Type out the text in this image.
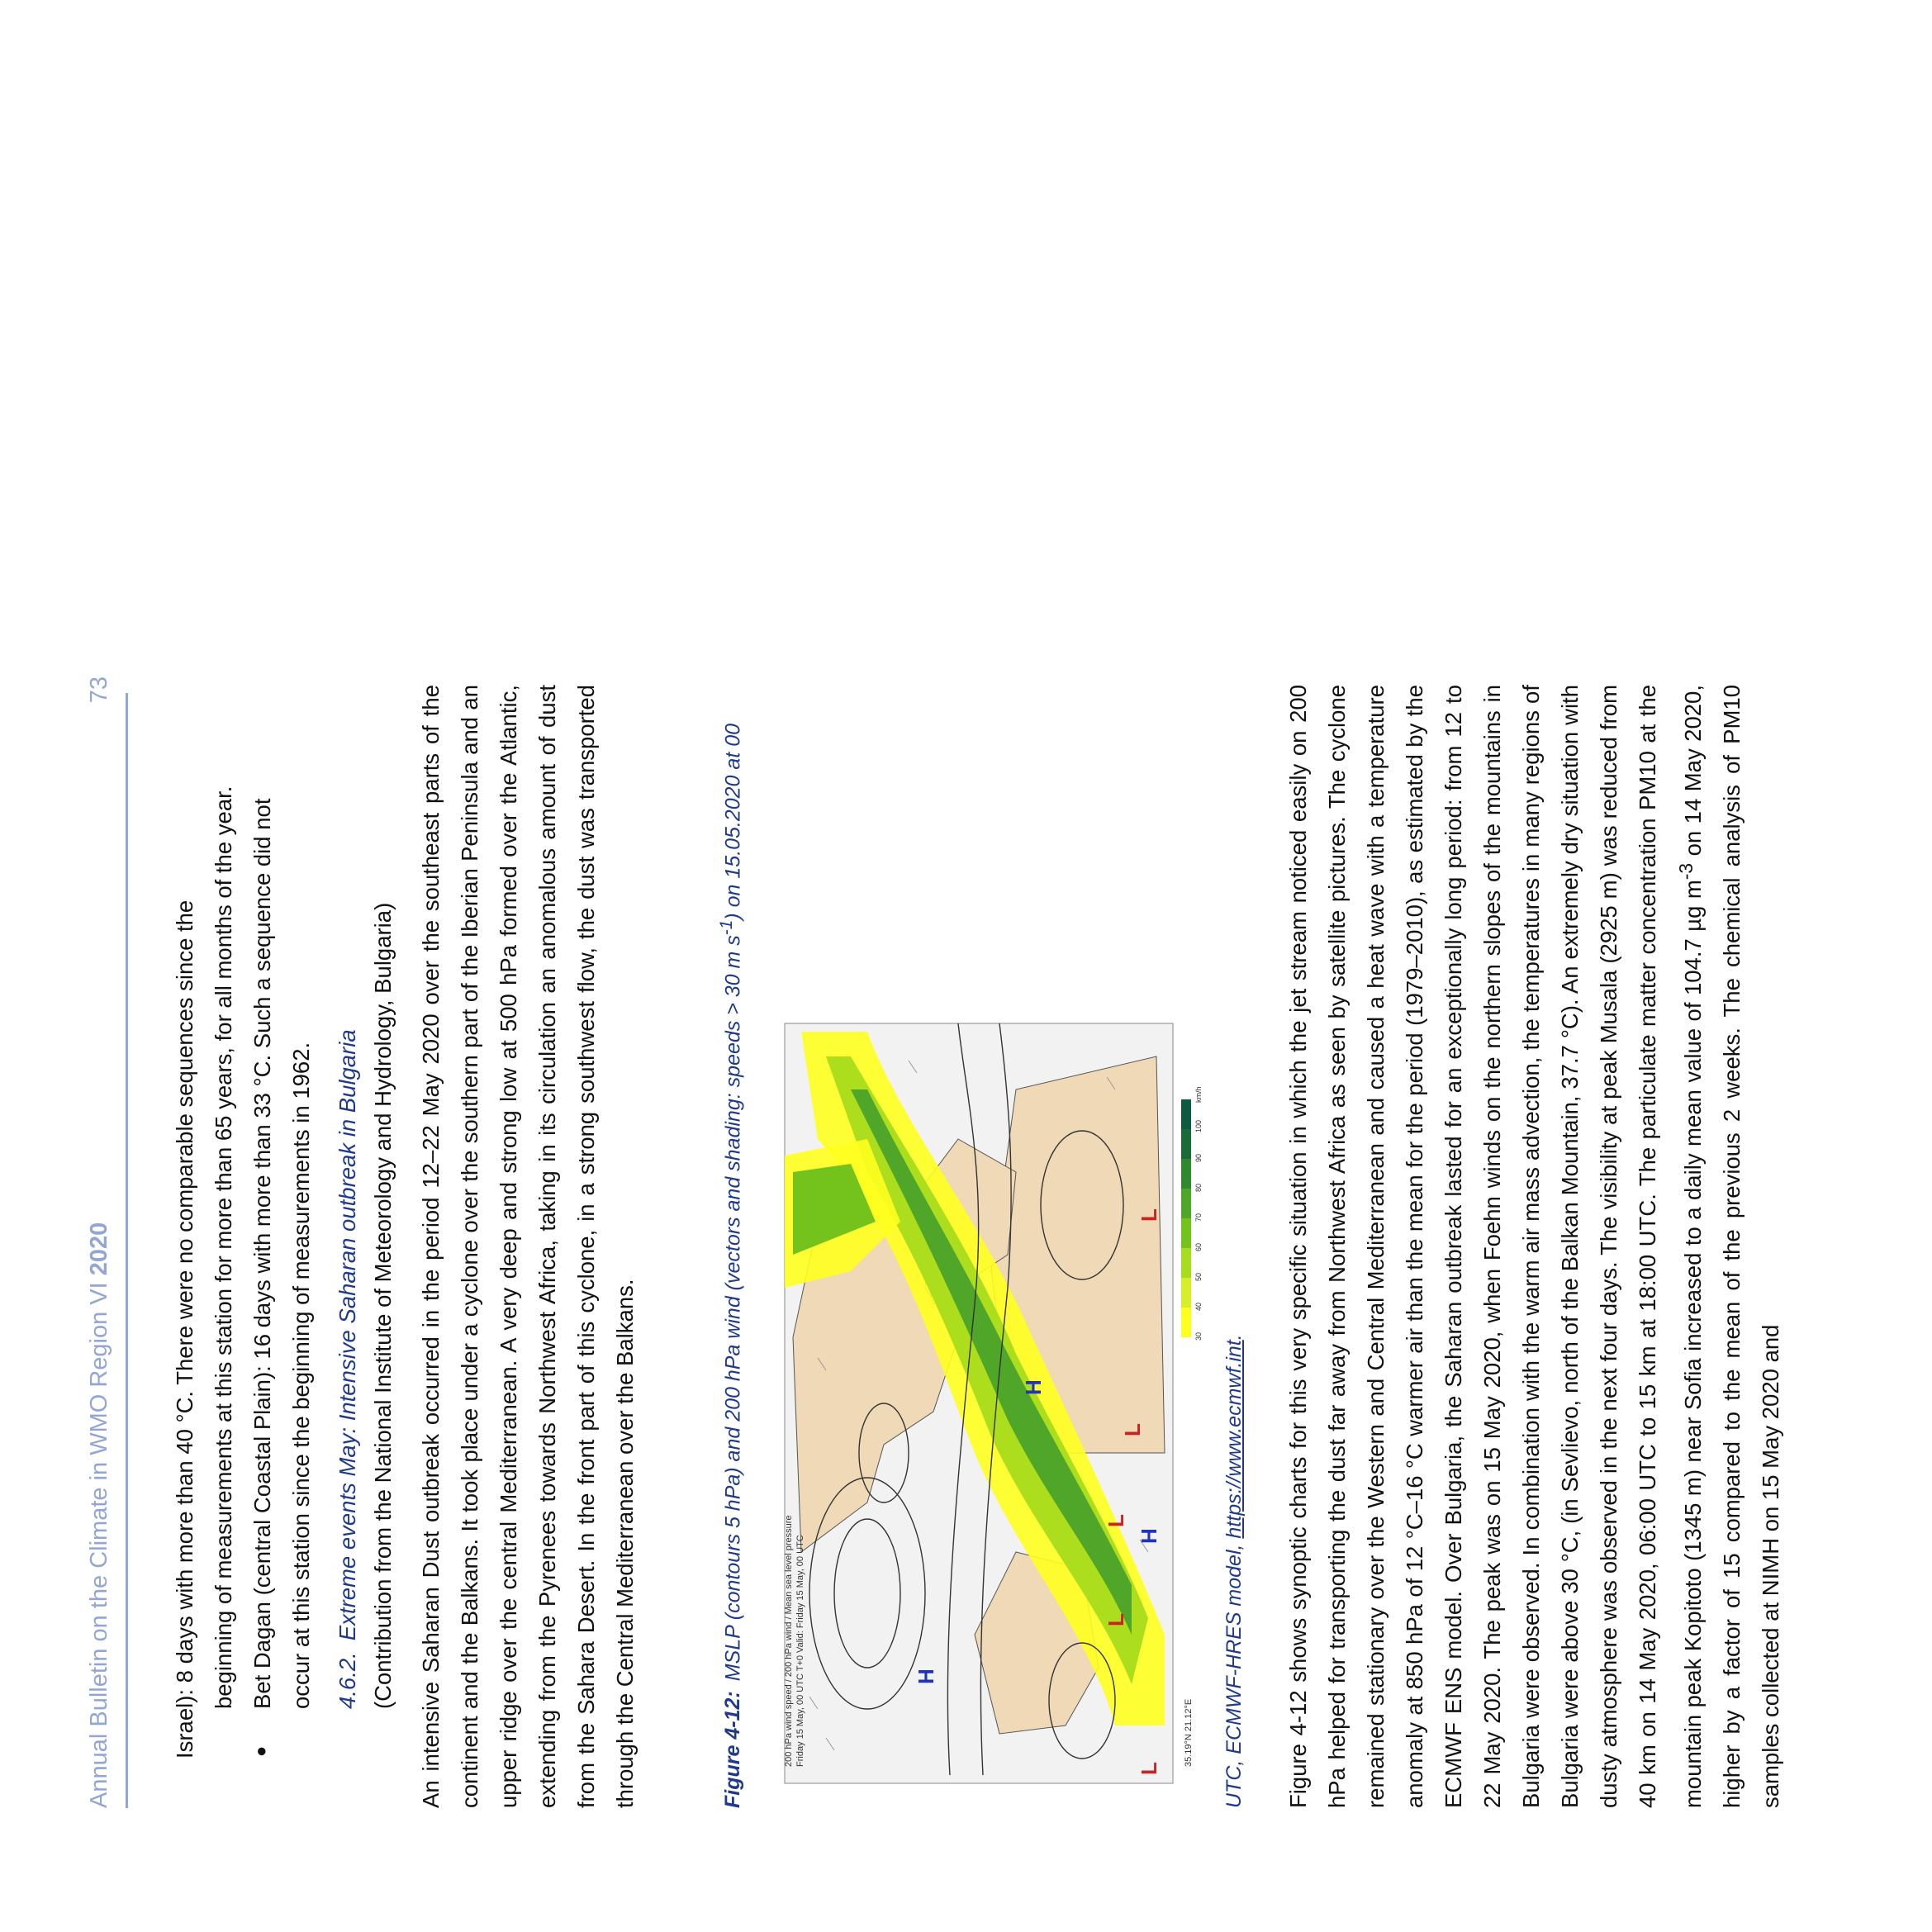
Annual Bulletin on the Climate in WMO Region VI 2020
73
Israel): 8 days with more than 40 °C. There were no comparable sequences since the beginning of measurements at this station for more than 65 years, for all months of the year.
●
Bet Dagan (central Coastal Plain): 16 days with more than 33 °C. Such a sequence did not occur at this station since the beginning of measurements in 1962. 4.6.2.Extreme events May: Intensive Saharan outbreak in Bulgaria (Contribution from the National Institute of Meteorology and Hydrology, Bulgaria) An intensive Saharan Dust outbreak occurred in the period 12–22 May 2020 over the southeast parts of the continent and the Balkans. It took place under a cyclone over the southern part of the Iberian Peninsula and an upper ridge over the central Mediterranean. A very deep and strong low at 500 hPa formed over the Atlantic, extending from the Pyrenees towards Northwest Africa, taking in its circulation an anomalous amount of dust from the Sahara Desert. In the front part of this cyclone, in a strong southwest flow, the dust was transported through the Central Mediterranean over the Balkans.	Figure 4-12:MSLP (contours 5 hPa) and 200 hPa wind (vectors and shading: speeds > 30 m $s^{-1}$) on 15.05.2020 at 00
H
H
H
L
L
L
L
L
200 hPa wind speed / 200 hPa wind / Mean sea level pressure Friday 15 May, 00 UTC T+0 Valid: Friday 15 May, 00 UTC	35.19°N 21.12°E
30
40
50
60
70
80
90
100
km/h
UTC, ECMWF-HRES model, https://www.ecmwf.int. Figure 4-12 shows synoptic charts for this very specific situation in which the jet stream noticed easily on 200 hPa helped for transporting the dust far away from Northwest Africa as seen by satellite pictures. The cyclone remained stationary over the Western and Central Mediterranean and caused a heat wave with a temperature anomaly at 850 hPa of 12 °C–16 °C warmer air than the mean for the period (1979–2010), as estimated by the ECMWF ENS model. Over Bulgaria, the Saharan outbreak lasted for an exceptionally long period: from 12 to 22 May 2020. The peak was on 15 May 2020, when Foehn winds on the northern slopes of the mountains in Bulgaria were observed. In combination with the warm air mass advection, the temperatures in many regions of Bulgaria were above 30 °C, (in Sevlievo, north of the Balkan Mountain, 37.7 °C). An extremely dry situation with dusty atmosphere was observed in the next four days. The visibility at peak Musala (2925 m) was reduced from 40 km on 14 May 2020, 06:00 UTC to 15 km at 18:00 UTC. The particulate matter concentration PM10 at the mountain peak Kopitoto (1345 m) near Sofia increased to a daily mean value of 104.7 µg $m^{-3}$ on 14 May 2020, higher by a factor of 15 compared to the mean of the previous 2 weeks. The chemical analysis of PM10 samples collected at NIMH on 15 May 2020 and
